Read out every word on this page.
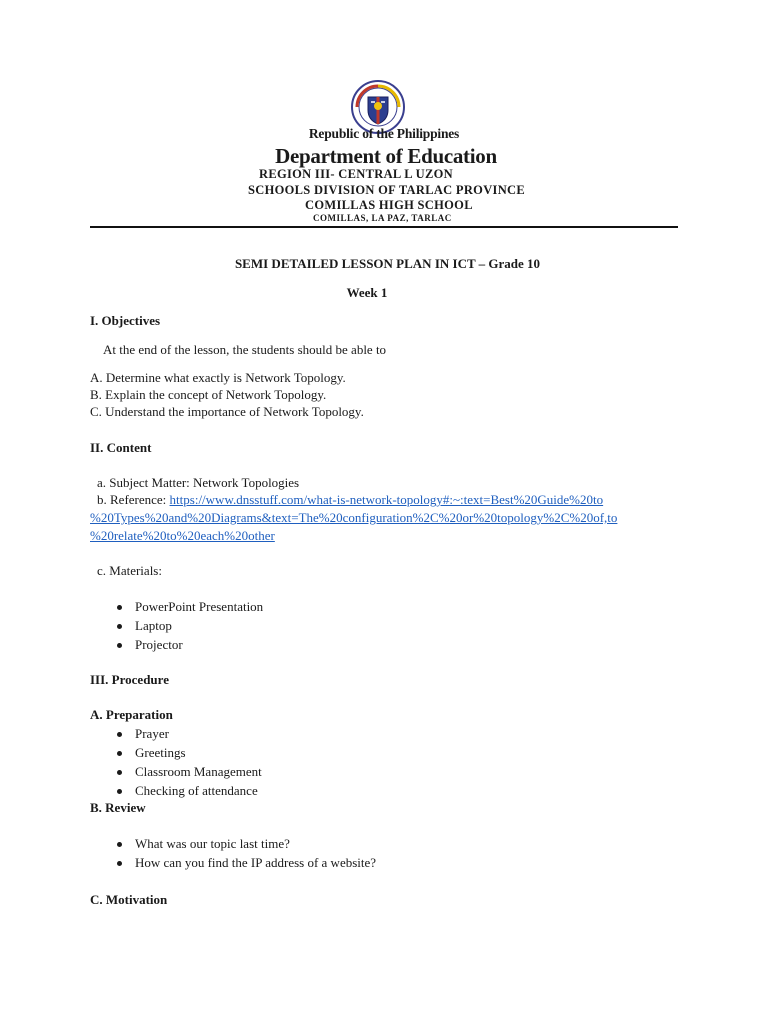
Republic of the Philippines
Department of Education
REGION III- CENTRAL L UZON
SCHOOLS DIVISION OF TARLAC PROVINCE
COMILLAS HIGH SCHOOL
COMILLAS, LA PAZ, TARLAC
SEMI DETAILED LESSON PLAN IN ICT – Grade 10
Week 1
I. Objectives
At the end of the lesson, the students should be able to
A. Determine what exactly is Network Topology.
B. Explain the concept of Network Topology.
C. Understand the importance of Network Topology.
II. Content
a. Subject Matter: Network Topologies
b. Reference: https://www.dnsstuff.com/what-is-network-topology#:~:text=Best%20Guide%20to
%20Types%20and%20Diagrams&text=The%20configuration%2C%20or%20topology%2C%20of,to
%20relate%20to%20each%20other
c. Materials:
PowerPoint Presentation
Laptop
Projector
III. Procedure
A. Preparation
Prayer
Greetings
Classroom Management
Checking of attendance
B. Review
What was our topic last time?
How can you find the IP address of a website?
C. Motivation
